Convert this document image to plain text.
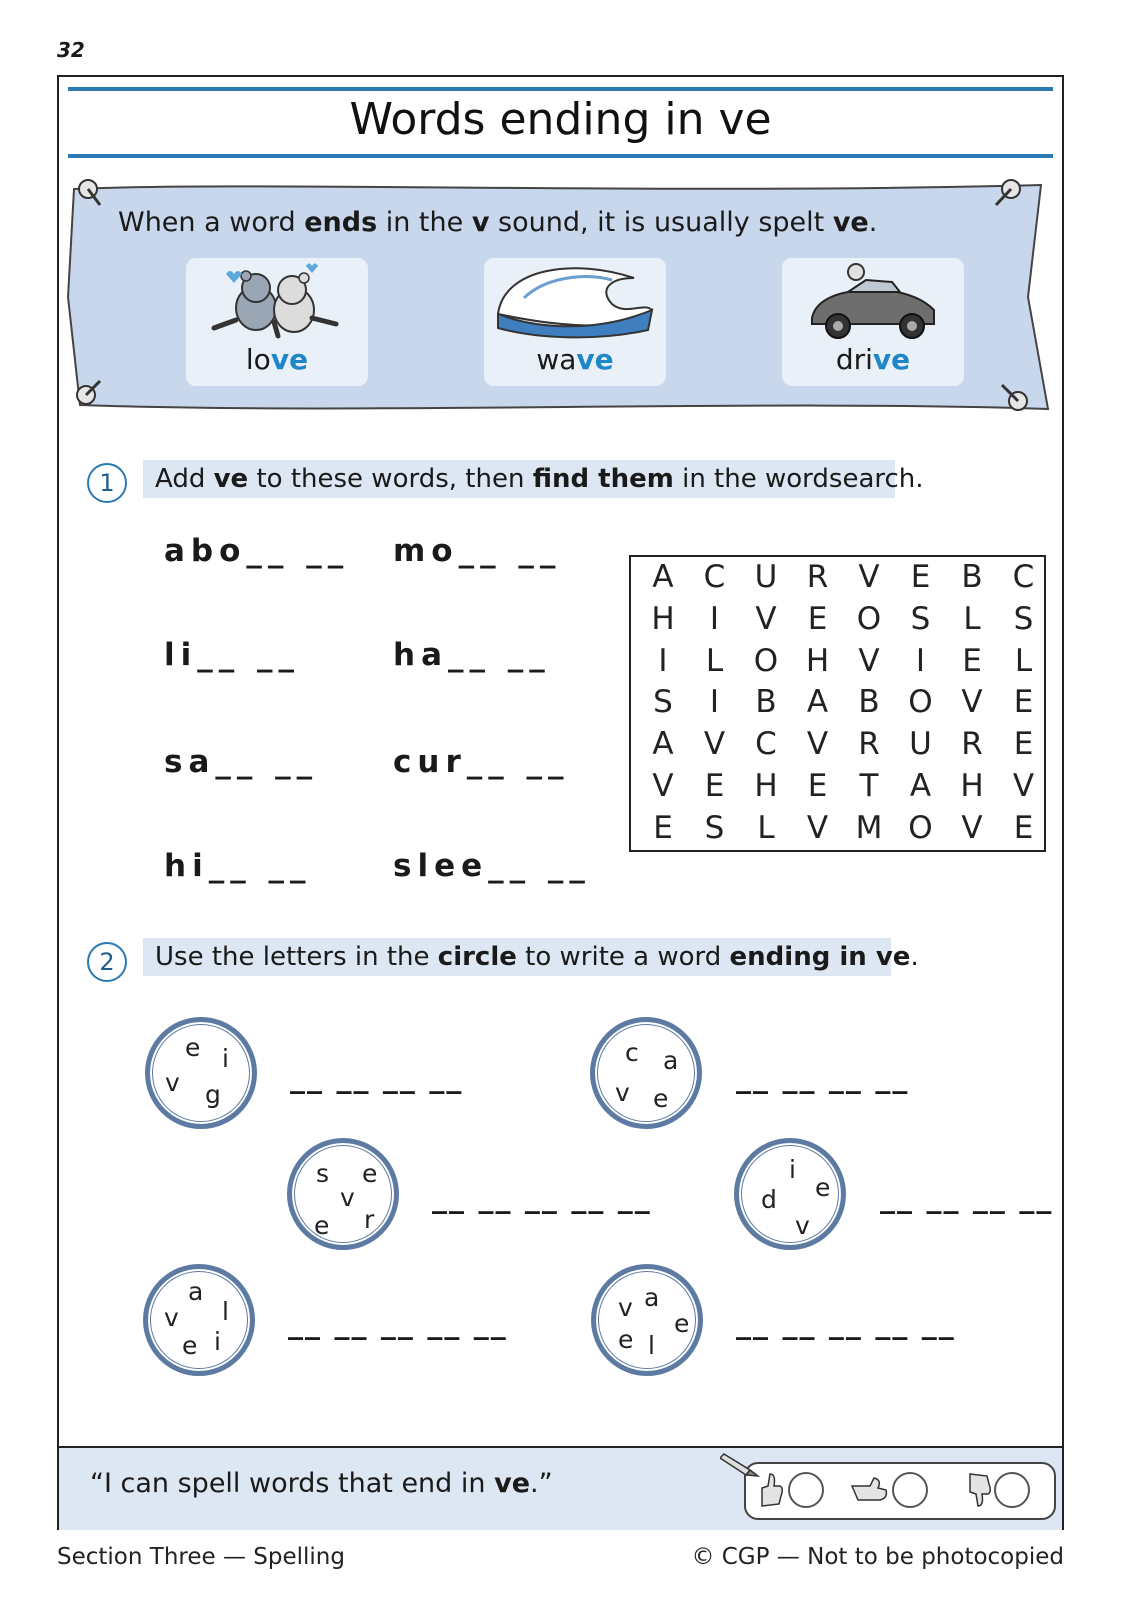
32
Words ending in ve
When a word ends in the v sound, it is usually spelt ve.
love	wave	drive
1	Add ve to these words, then find them in the wordsearch.
abo__ __ mo__ __
li__ __	ha__ __
sa__ __ cur__ __
hi__ __	slee__ __
A C U R V	E	B C
H	I	V	E O S	L	S
I	L O H V	I	E	L
S	I	B A B O V	E
A V C V R U R E
V	E H E	T	A H V
E	S	L	V M O V	E
2	Use the letters in the circle to write a word ending in ve.
e i
v g __ __ __ __
c a
v e
__ __ __ __
s e
v
e r
__ __ __ __ __
i
e
d
v
__ __ __ __
a
v l
e i
__ __ __ __ __	v a
e
e l
__ __ __ __ __
“I can spell words that end in ve.”
Section Three — Spelling	© CGP — Not to be photocopied
